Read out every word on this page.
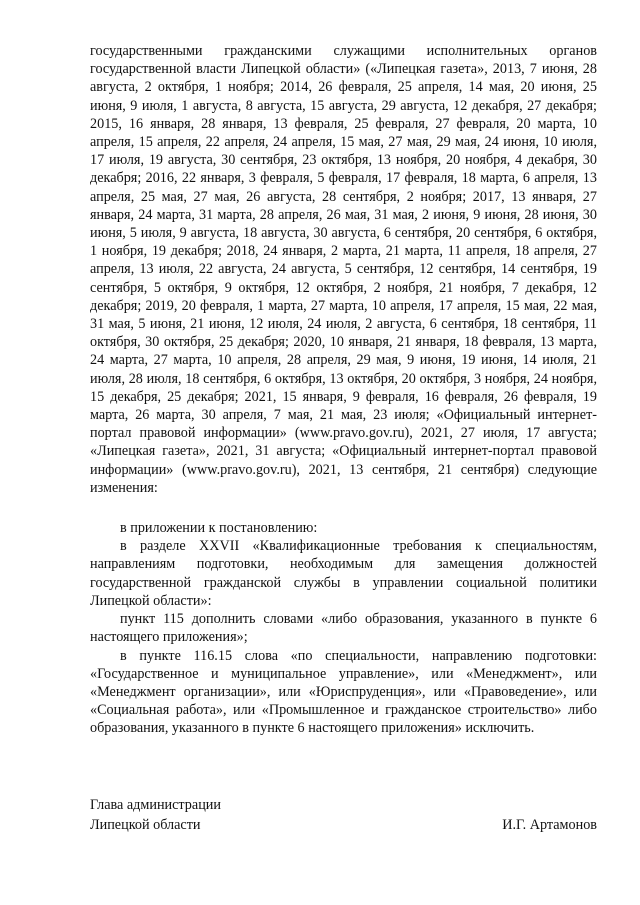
государственными гражданскими служащими исполнительных органов государственной власти Липецкой области» («Липецкая газета», 2013, 7 июня, 28 августа, 2 октября, 1 ноября; 2014, 26 февраля, 25 апреля, 14 мая, 20 июня, 25 июня, 9 июля, 1 августа, 8 августа, 15 августа, 29 августа, 12 декабря, 27 декабря; 2015, 16 января, 28 января, 13 февраля, 25 февраля, 27 февраля, 20 марта, 10 апреля, 15 апреля, 22 апреля, 24 апреля, 15 мая, 27 мая, 29 мая, 24 июня, 10 июля, 17 июля, 19 августа, 30 сентября, 23 октября, 13 ноября, 20 ноября, 4 декабря, 30 декабря; 2016, 22 января, 3 февраля, 5 февраля, 17 февраля, 18 марта, 6 апреля, 13 апреля, 25 мая, 27 мая, 26 августа, 28 сентября, 2 ноября; 2017, 13 января, 27 января, 24 марта, 31 марта, 28 апреля, 26 мая, 31 мая, 2 июня, 9 июня, 28 июня, 30 июня, 5 июля, 9 августа, 18 августа, 30 августа, 6 сентября, 20 сентября, 6 октября, 1 ноября, 19 декабря; 2018, 24 января, 2 марта, 21 марта, 11 апреля, 18 апреля, 27 апреля, 13 июля, 22 августа, 24 августа, 5 сентября, 12 сентября, 14 сентября, 19 сентября, 5 октября, 9 октября, 12 октября, 2 ноября, 21 ноября, 7 декабря, 12 декабря; 2019, 20 февраля, 1 марта, 27 марта, 10 апреля, 17 апреля, 15 мая, 22 мая, 31 мая, 5 июня, 21 июня, 12 июля, 24 июля, 2 августа, 6 сентября, 18 сентября, 11 октября, 30 октября, 25 декабря; 2020, 10 января, 21 января, 18 февраля, 13 марта, 24 марта, 27 марта, 10 апреля, 28 апреля, 29 мая, 9 июня, 19 июня, 14 июля, 21 июля, 28 июля, 18 сентября, 6 октября, 13 октября, 20 октября, 3 ноября, 24 ноября, 15 декабря, 25 декабря; 2021, 15 января, 9 февраля, 16 февраля, 26 февраля, 19 марта, 26 марта, 30 апреля, 7 мая, 21 мая, 23 июля; «Официальный интернет-портал правовой информации» (www.pravo.gov.ru), 2021, 27 июля, 17 августа; «Липецкая газета», 2021, 31 августа; «Официальный интернет-портал правовой информации» (www.pravo.gov.ru), 2021, 13 сентября, 21 сентября) следующие изменения:

в приложении к постановлению:

в разделе XXVII «Квалификационные требования к специальностям, направлениям подготовки, необходимым для замещения должностей государственной гражданской службы в управлении социальной политики Липецкой области»:

пункт 115 дополнить словами «либо образования, указанного в пункте 6 настоящего приложения»;

в пункте 116.15 слова «по специальности, направлению подготовки: «Государственное и муниципальное управление», или «Менеджмент», или «Менеджмент организации», или «Юриспруденция», или «Правоведение», или «Социальная работа», или «Промышленное и гражданское строительство» либо образования, указанного в пункте 6 настоящего приложения» исключить.

Глава администрации
Липецкой области	И.Г. Артамонов
